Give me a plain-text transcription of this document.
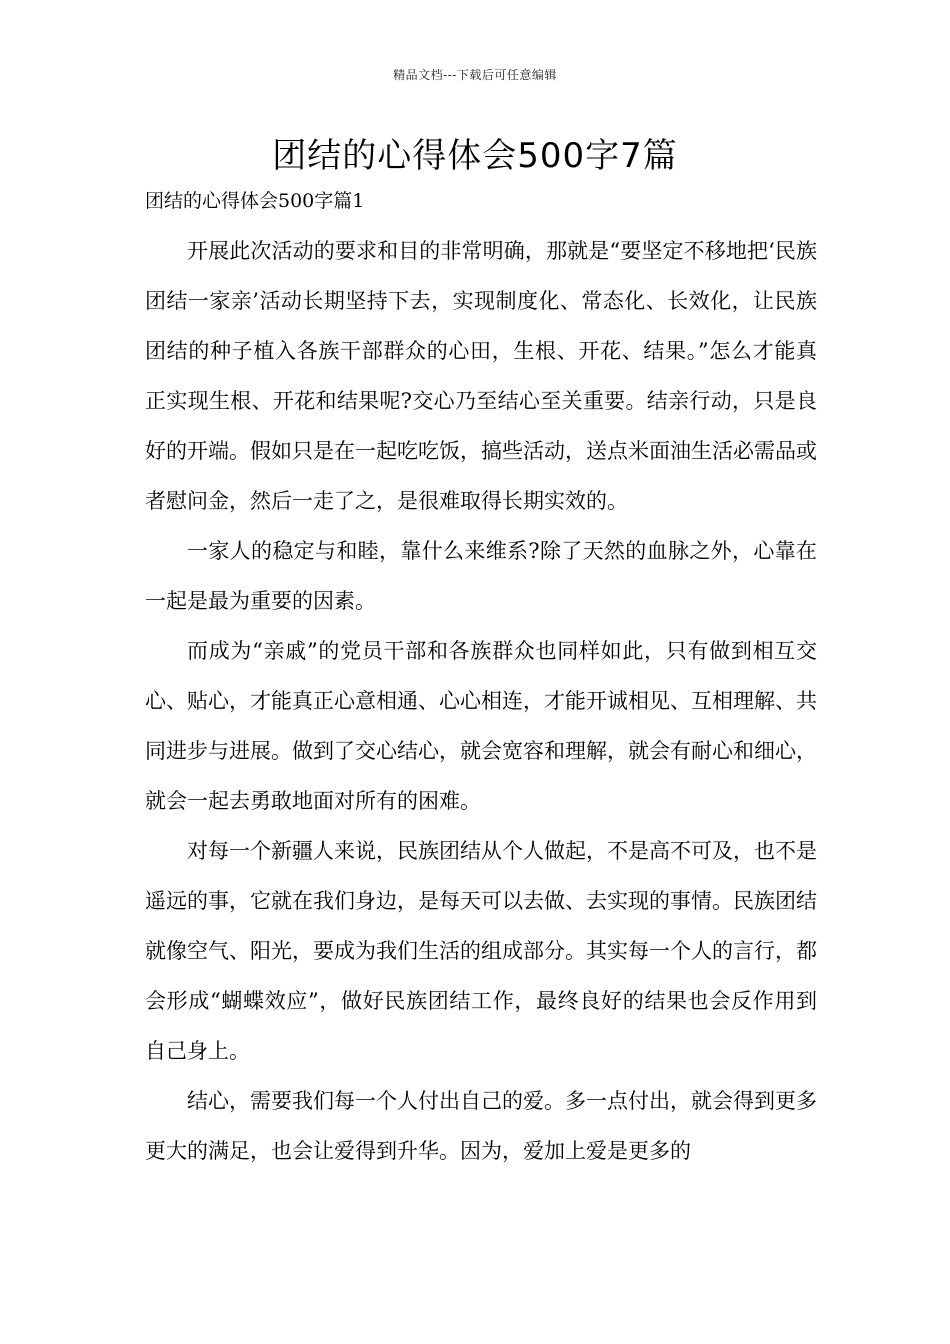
精品文档---下载后可任意编辑
团结的心得体会500字7篇
团结的心得体会500字篇1

开展此次活动的要求和目的非常明确，那就是“要坚定不移地把‘民族团结一家亲’活动长期坚持下去，实现制度化、常态化、长效化，让民族团结的种子植入各族干部群众的心田，生根、开花、结果。”怎么才能真正实现生根、开花和结果呢?交心乃至结心至关重要。结亲行动，只是良好的开端。假如只是在一起吃吃饭，搞些活动，送点米面油生活必需品或者慰问金，然后一走了之，是很难取得长期实效的。

一家人的稳定与和睦，靠什么来维系?除了天然的血脉之外，心靠在一起是最为重要的因素。

而成为“亲戚”的党员干部和各族群众也同样如此，只有做到相互交心、贴心，才能真正心意相通、心心相连，才能开诚相见、互相理解、共同进步与进展。做到了交心结心，就会宽容和理解，就会有耐心和细心，就会一起去勇敢地面对所有的困难。

对每一个新疆人来说，民族团结从个人做起，不是高不可及，也不是遥远的事，它就在我们身边，是每天可以去做、去实现的事情。民族团结就像空气、阳光，要成为我们生活的组成部分。其实每一个人的言行，都会形成“蝴蝶效应”，做好民族团结工作，最终良好的结果也会反作用到自己身上。

结心，需要我们每一个人付出自己的爱。多一点付出，就会得到更多更大的满足，也会让爱得到升华。因为，爱加上爱是更多的
